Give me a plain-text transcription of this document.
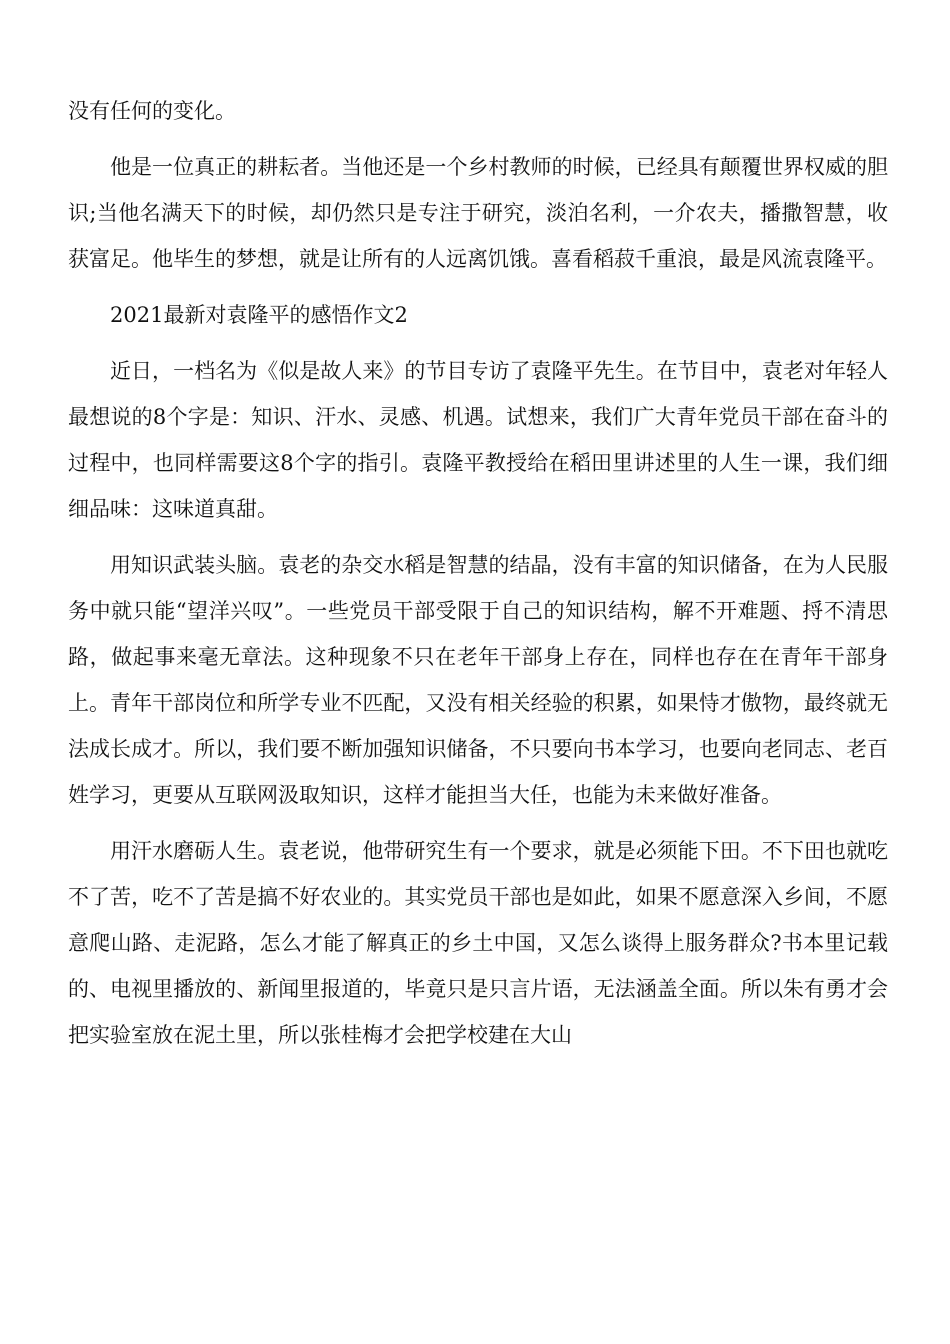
没有任何的变化。

他是一位真正的耕耘者。当他还是一个乡村教师的时候，已经具有颠覆世界权威的胆识;当他名满天下的时候，却仍然只是专注于研究，淡泊名利，一介农夫，播撒智慧，收获富足。他毕生的梦想，就是让所有的人远离饥饿。喜看稻菽千重浪，最是风流袁隆平。

2021最新对袁隆平的感悟作文2

近日，一档名为《似是故人来》的节目专访了袁隆平先生。在节目中，袁老对年轻人最想说的8个字是：知识、汗水、灵感、机遇。试想来，我们广大青年党员干部在奋斗的过程中，也同样需要这8个字的指引。袁隆平教授给在稻田里讲述里的人生一课，我们细细品味：这味道真甜。

用知识武装头脑。袁老的杂交水稻是智慧的结晶，没有丰富的知识储备，在为人民服务中就只能“望洋兴叹”。一些党员干部受限于自己的知识结构，解不开难题、捋不清思路，做起事来毫无章法。这种现象不只在老年干部身上存在，同样也存在在青年干部身上。青年干部岗位和所学专业不匹配，又没有相关经验的积累，如果恃才傲物，最终就无法成长成才。所以，我们要不断加强知识储备，不只要向书本学习，也要向老同志、老百姓学习，更要从互联网汲取知识，这样才能担当大任，也能为未来做好准备。

用汗水磨砺人生。袁老说，他带研究生有一个要求，就是必须能下田。不下田也就吃不了苦，吃不了苦是搞不好农业的。其实党员干部也是如此，如果不愿意深入乡间，不愿意爬山路、走泥路，怎么才能了解真正的乡土中国，又怎么谈得上服务群众?书本里记载的、电视里播放的、新闻里报道的，毕竟只是只言片语，无法涵盖全面。所以朱有勇才会把实验室放在泥土里，所以张桂梅才会把学校建在大山
